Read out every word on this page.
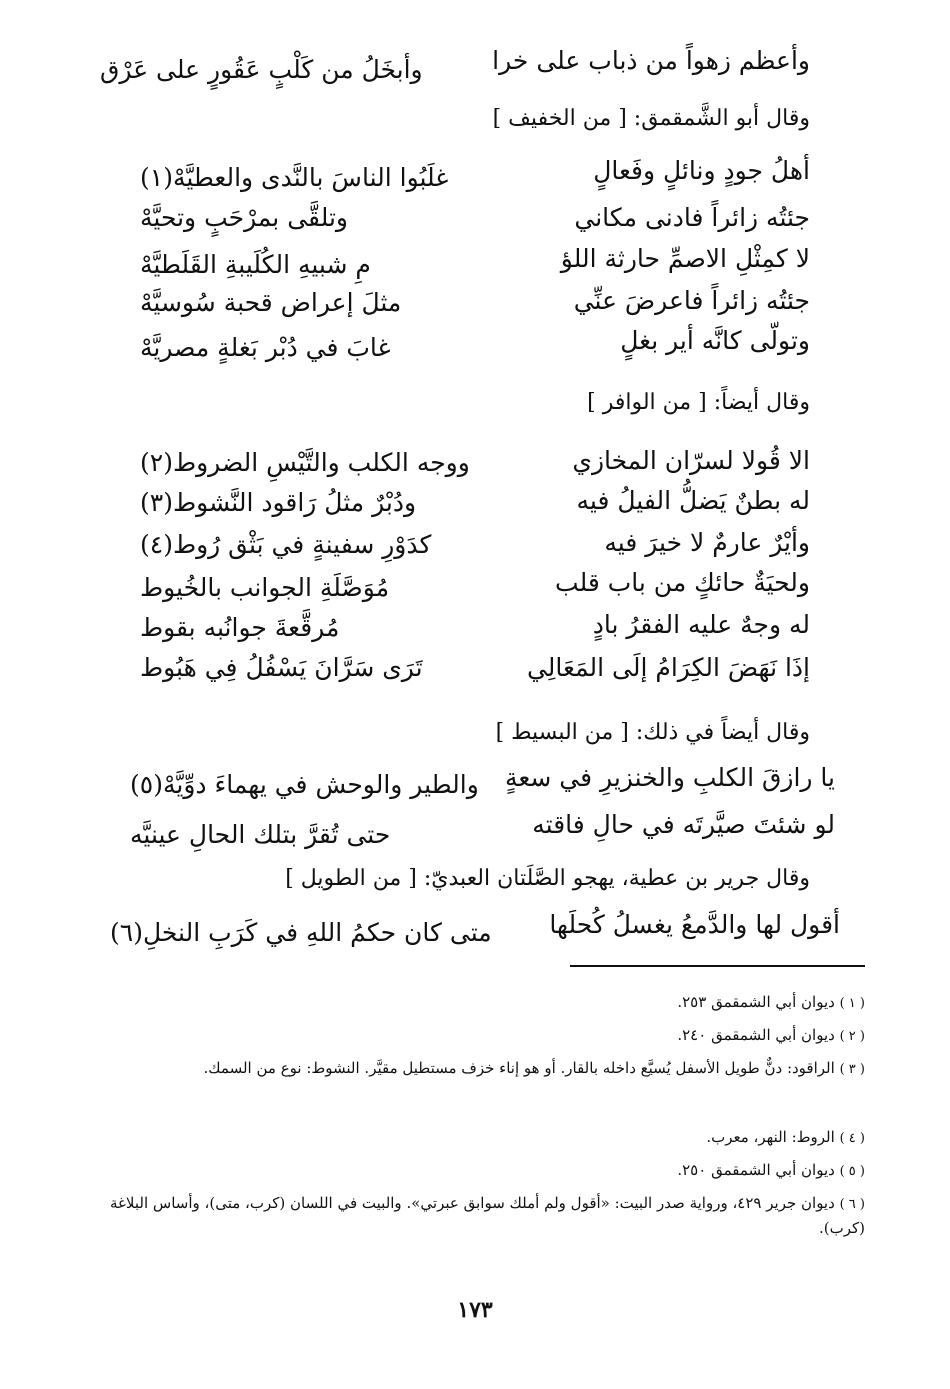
وأعظم زهواً من ذباب على خرا
وأبخَلُ من كَلْبٍ عَقُورٍ على عَرْق
وقال أبو الشَّمقمق: [ من الخفيف ]
أهلُ جودٍ ونائلٍ وفَعالٍ
غلَبُوا الناسَ بالنَّدى والعطيَّهْ(١)
جئتُه زائراً فادنى مكاني
وتلقَّى بمرْحَبٍ وتحيَّهْ
لا كمِثْلِ الاصمِّ حارثة اللؤ
مِ شبيهِ الكُلَيبةِ القَلَطيَّهْ
جئتُه زائراً فاعرضَ عنِّي
مثلَ إعراض قحبة سُوسيَّهْ
وتولّى كانَّه أير بغلٍ
غابَ في دُبْر بَغلةٍ مصريَّهْ
وقال أيضاً: [ من الوافر ]
الا قُولا لسرّان المخازي
ووجه الكلب والتَّيْسِ الضروط(٢)
له بطنٌ يَضلُّ الفيلُ فيه
ودُبْرٌ مثلُ رَاقود النَّشوط(٣)
وأيْرٌ عارمٌ لا خيرَ فيه
كدَوْرِ سفينةٍ في بَثْق رُوط(٤)
ولحيَةٌ حائكٍ من باب قلب
مُوَصَّلَةِ الجوانب بالخُيوط
له وجهٌ عليه الفقرُ بادٍ
مُرقَّعةَ جوانُبه بقوط
إذَا نَهَضَ الكِرَامُ إلَى المَعَالِي
تَرَى سَرَّانَ يَسْفُلُ فِي هَبُوط
وقال أيضاً في ذلك: [ من البسيط ]
يا رازقَ الكلبِ والخنزيرِ في سعةٍ
والطير والوحش في يهماءَ دوِّيَّهْ(٥)
لو شئتَ صيَّرتَه في حالِ فاقته
حتى تُقرَّ بتلك الحالِ عينيَّه
وقال جرير بن عطية، يهجو الصَّلَتان العبديّ: [ من الطويل ]
أقول لها والدَّمعُ يغسلُ كُحلَها
متى كان حكمُ اللهِ في كَرَبِ النخلِ(٦)
( ١ ) ديوان أبي الشمقمق ٢٥٣.
( ٢ ) ديوان أبي الشمقمق ٢٤٠.
( ٣ ) الراقود: دنٌّ طويل الأسفل يُسيَّع داخله بالقار. أو هو إناء خزف مستطيل مقيَّر. النشوط: نوع من السمك.
( ٤ ) الروط: النهر، معرب.
( ٥ ) ديوان أبي الشمقمق ٢٥٠.
( ٦ ) ديوان جرير ٤٢٩، ورواية صدر البيت: «أقول ولم أملك سوابق عبرتي». والبيت في اللسان (كرب، متى)، وأساس البلاغة (كرب).
١٧٣
